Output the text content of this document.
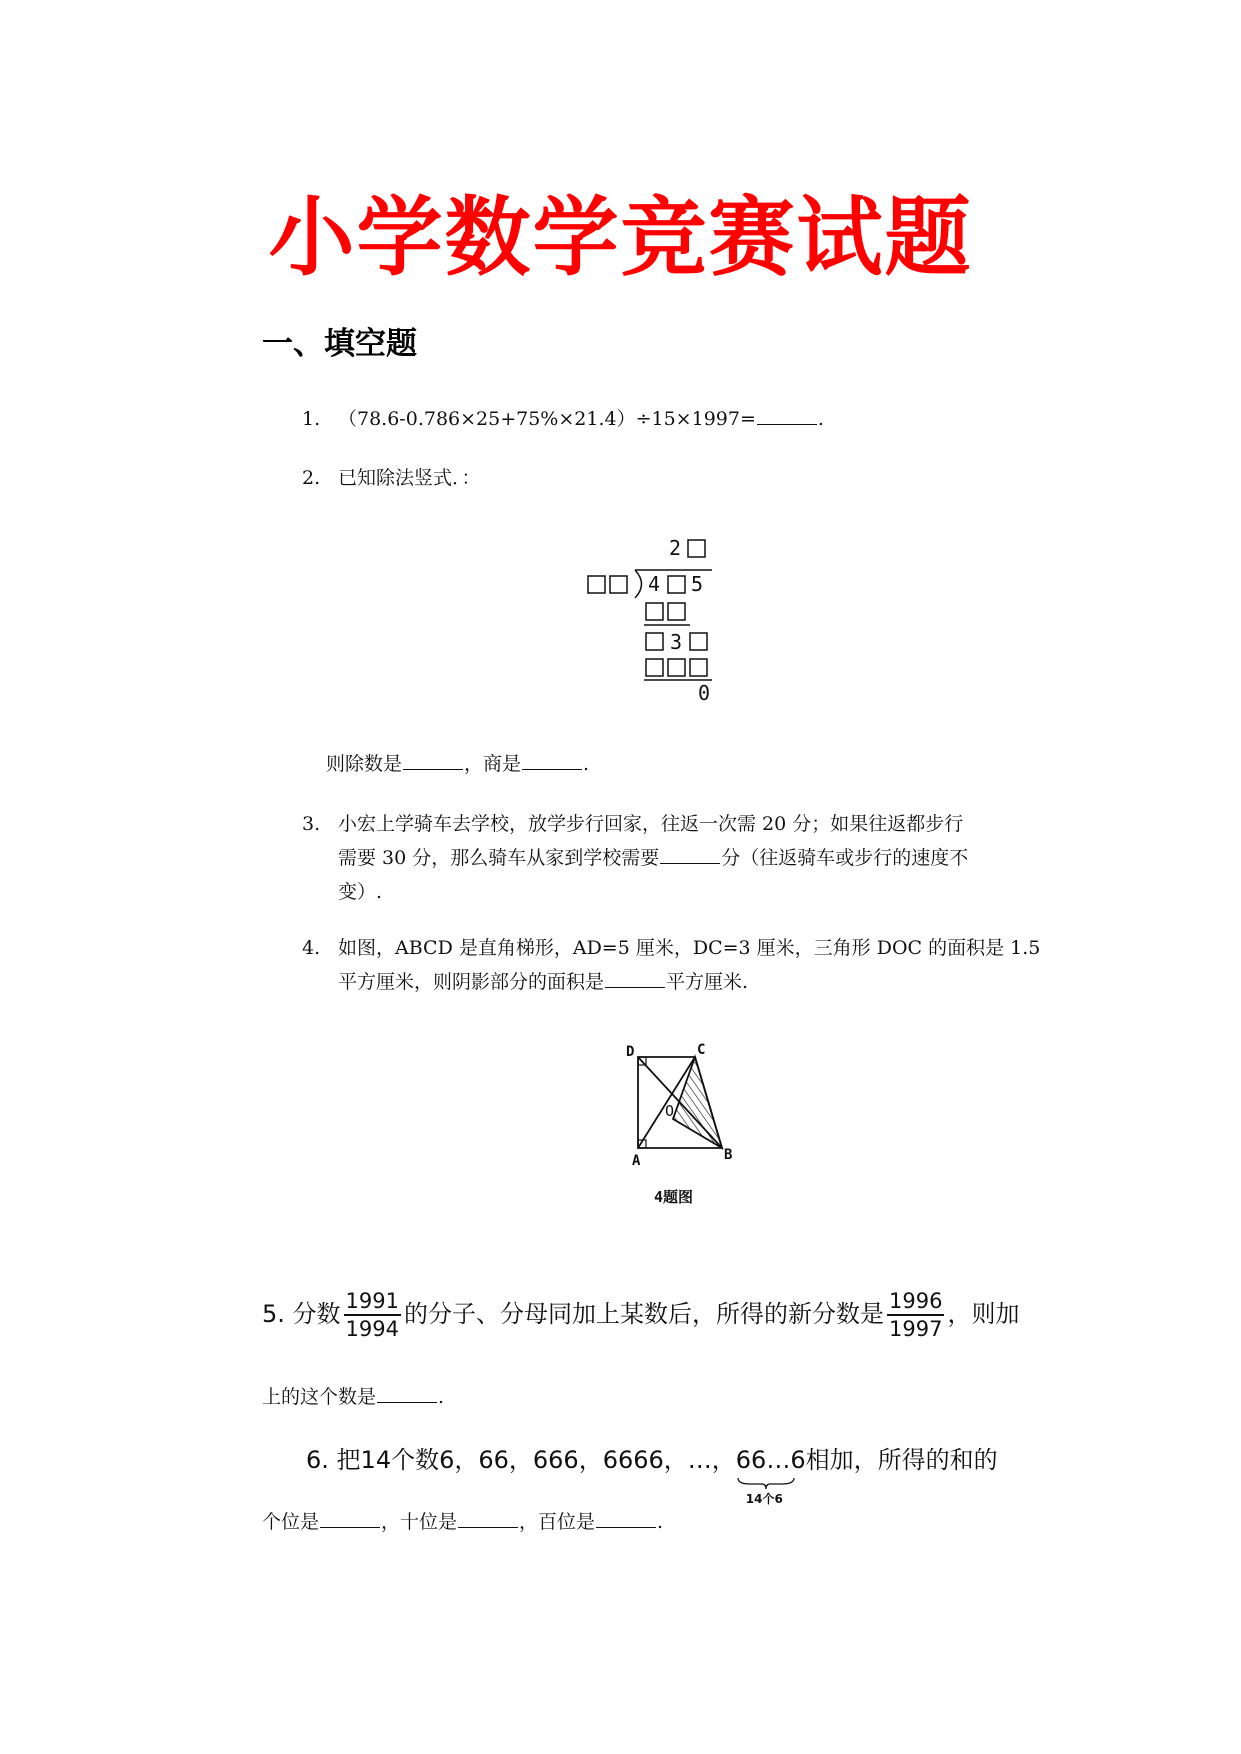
小学数学竞赛试题
一、填空题
1. （78.6-0.786×25+75%×21.4）÷15×1997=	.
2. 已知除法竖式．：
2
4 5
3
0
则除数是	，商是	.
3. 小宏上学骑车去学校，放学步行回家，往返一次需 20 分；如果往返都步行
需要 30 分，那么骑车从家到学校需要	分（往返骑车或步行的速度不
变）.
4. 如图，ABCD 是直角梯形，AD=5 厘米，DC=3 厘米，三角形 DOC 的面积是 1.5
平方厘米，则阴影部分的面积是	平方厘米.
D	C
O
A	B
4题图
5. 分数 $\frac{1991}{1994}$ 的分子、分母同加上某数后，所得的新分数是 $\frac{1996}{1997}$ ，则加
上的这个数是	.
6. 把14个数6，66，666，6666，…，66…6
14个6
相加，所得的和的
个位是	，十位是	，百位是	.
